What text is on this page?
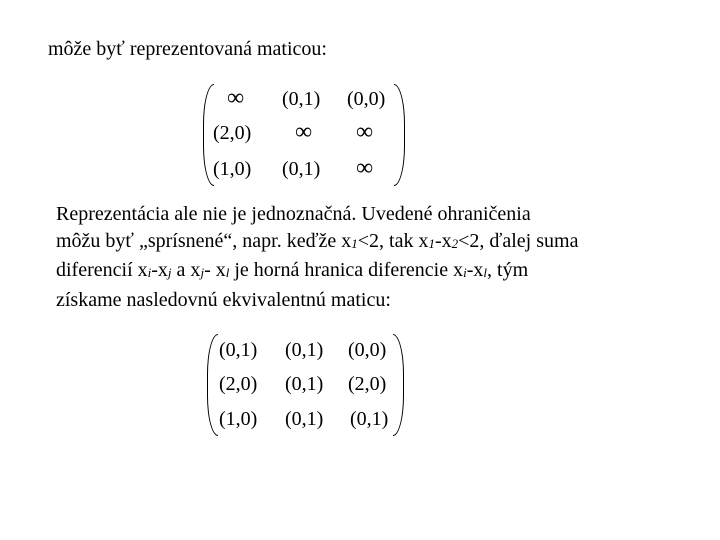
môže byť reprezentovaná maticou:
∞ (0,1) (0,0)
(2,0) ∞ ∞
(1,0) (0,1) ∞
Reprezentácia ale nie je jednoznačná. Uvedené ohraničenia
môžu byť „sprísnené“, napr. keďže x1<2, tak x1-x2<2, ďalej suma
diferencií xi-xj a xj- xl je horná hranica diferencie xi-xl, tým
získame nasledovnú ekvivalentnú maticu:
(0,1) (0,1) (0,0)
(2,0) (0,1) (2,0)
(1,0) (0,1) (0,1)
